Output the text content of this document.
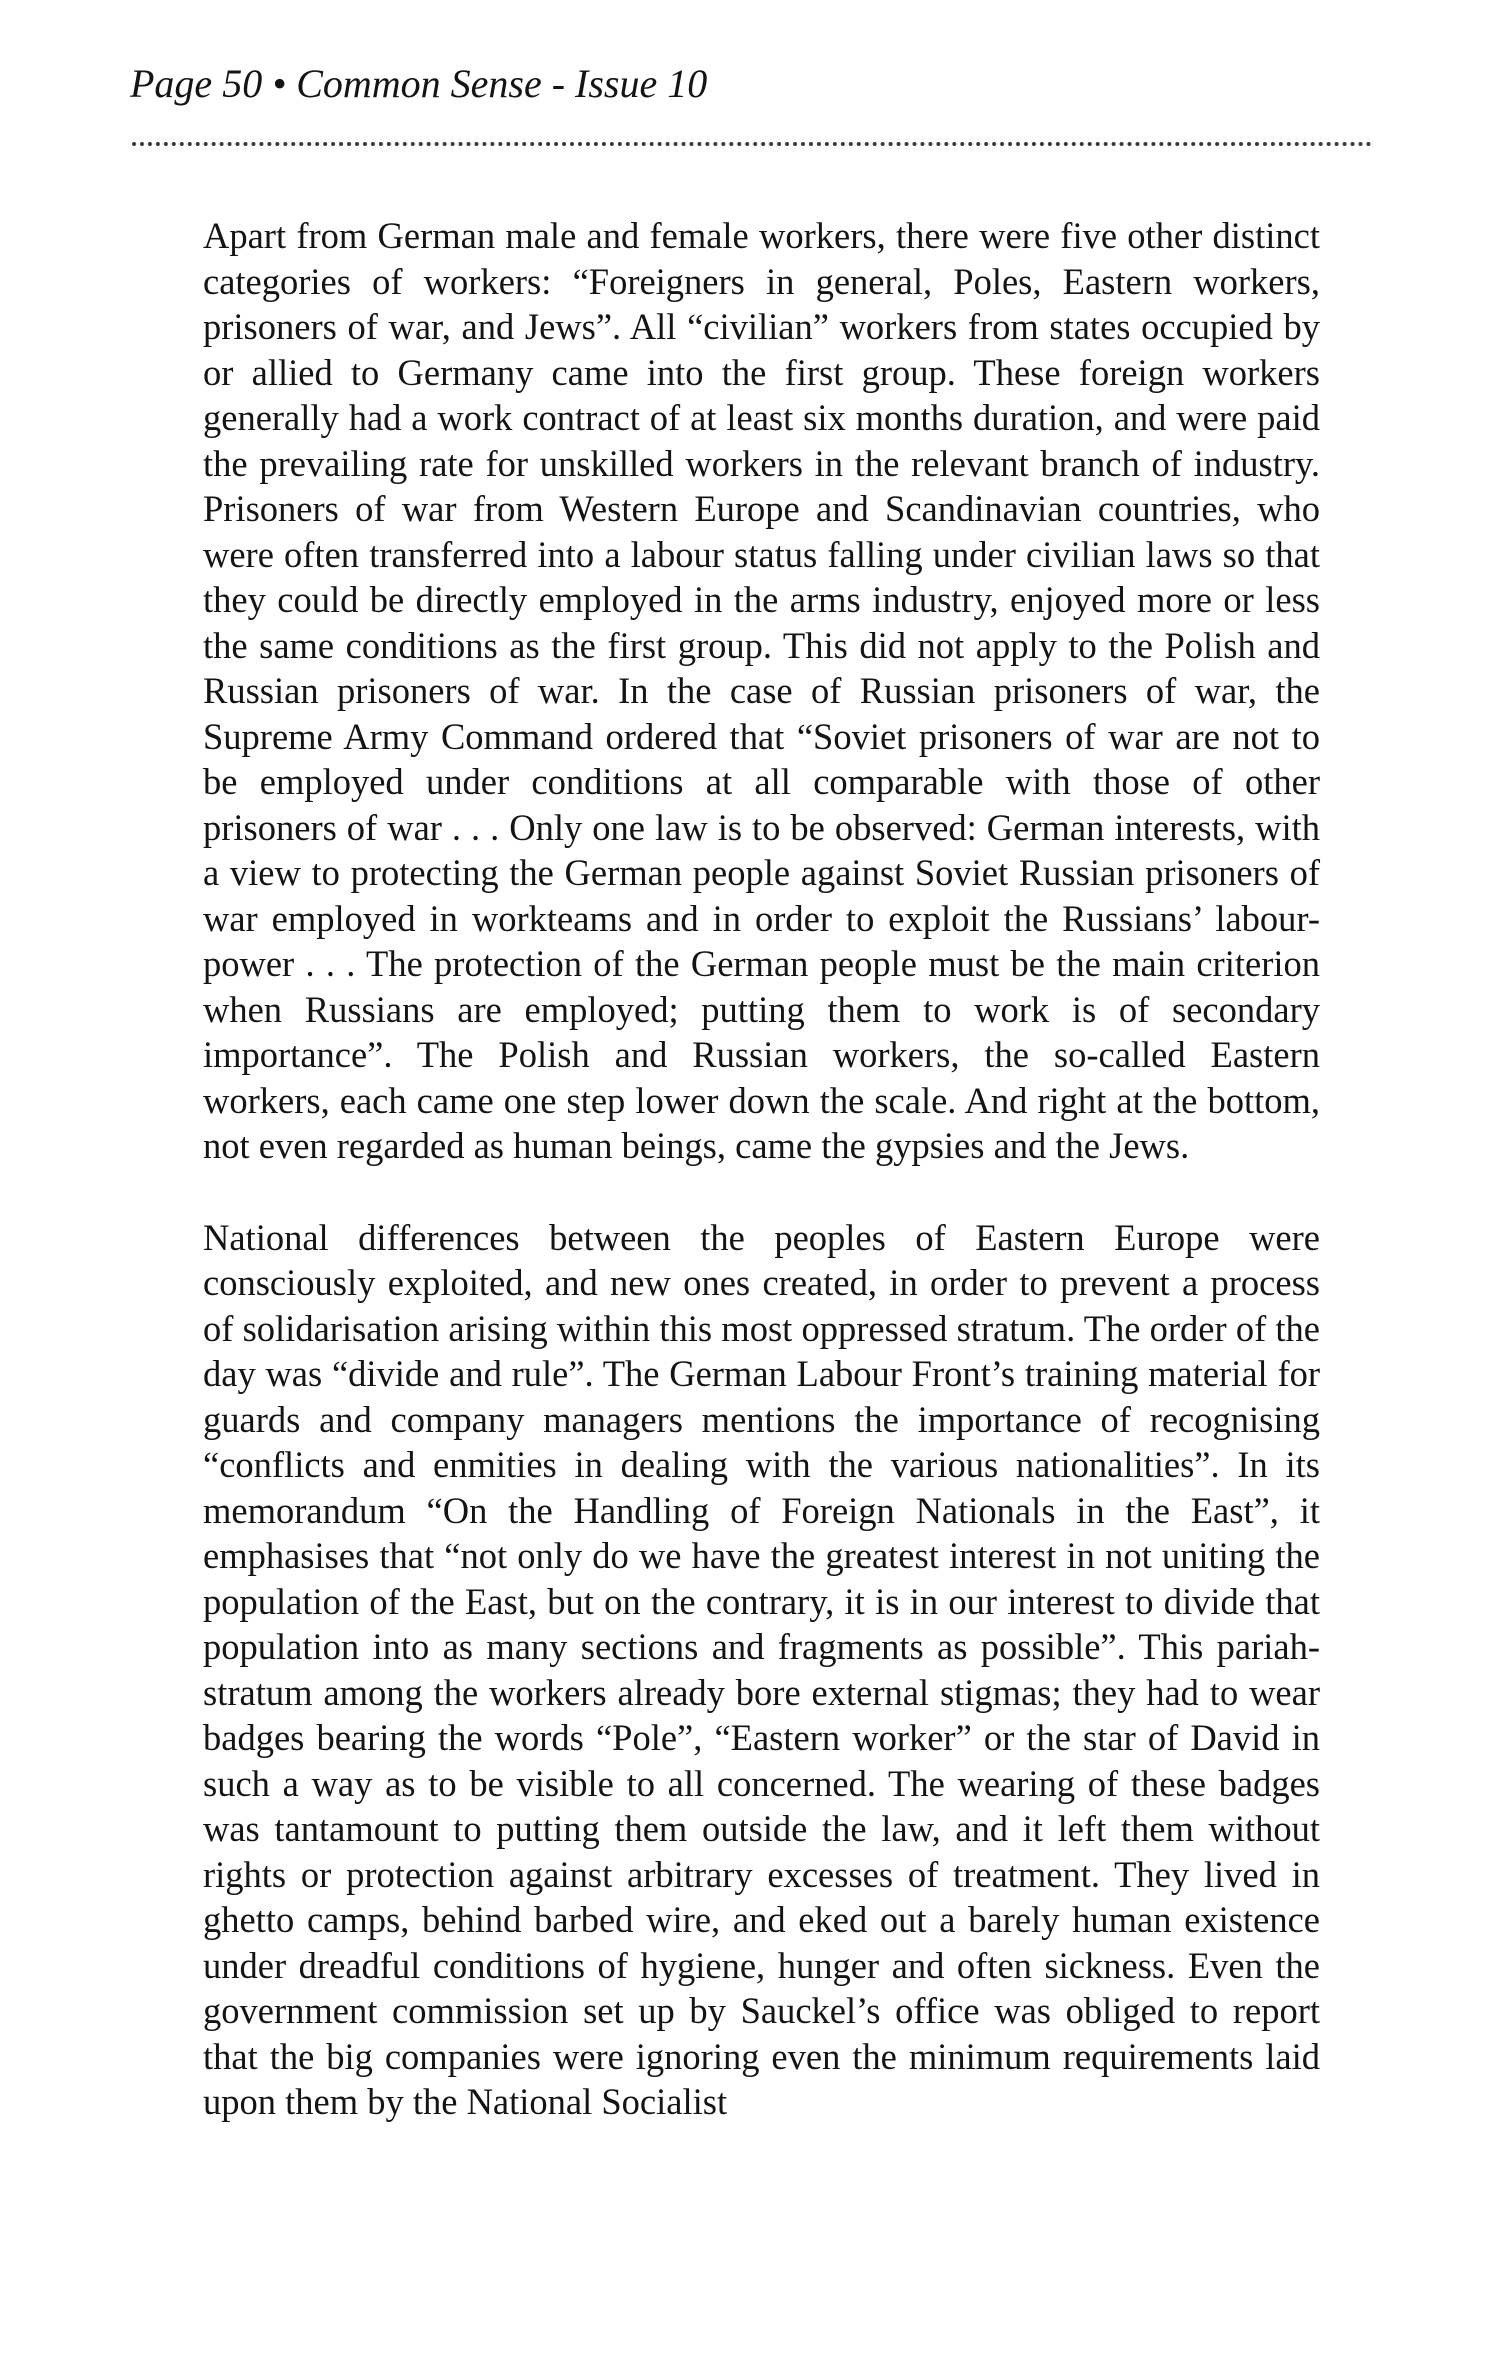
Page 50 • Common Sense - Issue 10

Apart from German male and female workers, there were five other distinct categories of workers: “Foreigners in general, Poles, Eastern workers, prisoners of war, and Jews”. All “civilian” workers from states occupied by or allied to Germany came into the first group. These foreign workers generally had a work contract of at least six months duration, and were paid the prevailing rate for unskilled workers in the relevant branch of industry. Prisoners of war from Western Europe and Scandinavian countries, who were often transferred into a labour status falling under civilian laws so that they could be directly employed in the arms industry, enjoyed more or less the same conditions as the first group. This did not apply to the Polish and Russian prisoners of war. In the case of Russian prisoners of war, the Supreme Army Command ordered that “Soviet prisoners of war are not to be employed under conditions at all comparable with those of other prisoners of war . . . Only one law is to be observed: German interests, with a view to protecting the German people against Soviet Russian prisoners of war employed in workteams and in order to exploit the Russians’ labour-power . . . The protection of the German people must be the main criterion when Russians are employed; putting them to work is of secondary importance”. The Polish and Russian workers, the so-called Eastern workers, each came one step lower down the scale. And right at the bottom, not even regarded as human beings, came the gypsies and the Jews.

National differences between the peoples of Eastern Europe were consciously exploited, and new ones created, in order to prevent a process of solidarisation arising within this most oppressed stratum. The order of the day was “divide and rule”. The German Labour Front’s training material for guards and company managers mentions the importance of recognising “conflicts and enmities in dealing with the various nationalities”. In its memorandum “On the Handling of Foreign Nationals in the East”, it emphasises that “not only do we have the greatest interest in not uniting the population of the East, but on the contrary, it is in our interest to divide that population into as many sections and fragments as possible”. This pariah-stratum among the workers already bore external stigmas; they had to wear badges bearing the words “Pole”, “Eastern worker” or the star of David in such a way as to be visible to all concerned. The wearing of these badges was tantamount to putting them outside the law, and it left them without rights or protection against arbitrary excesses of treatment. They lived in ghetto camps, behind barbed wire, and eked out a barely human existence under dreadful conditions of hygiene, hunger and often sickness. Even the government commission set up by Sauckel’s office was obliged to report that the big companies were ignoring even the minimum requirements laid upon them by the National Socialist
